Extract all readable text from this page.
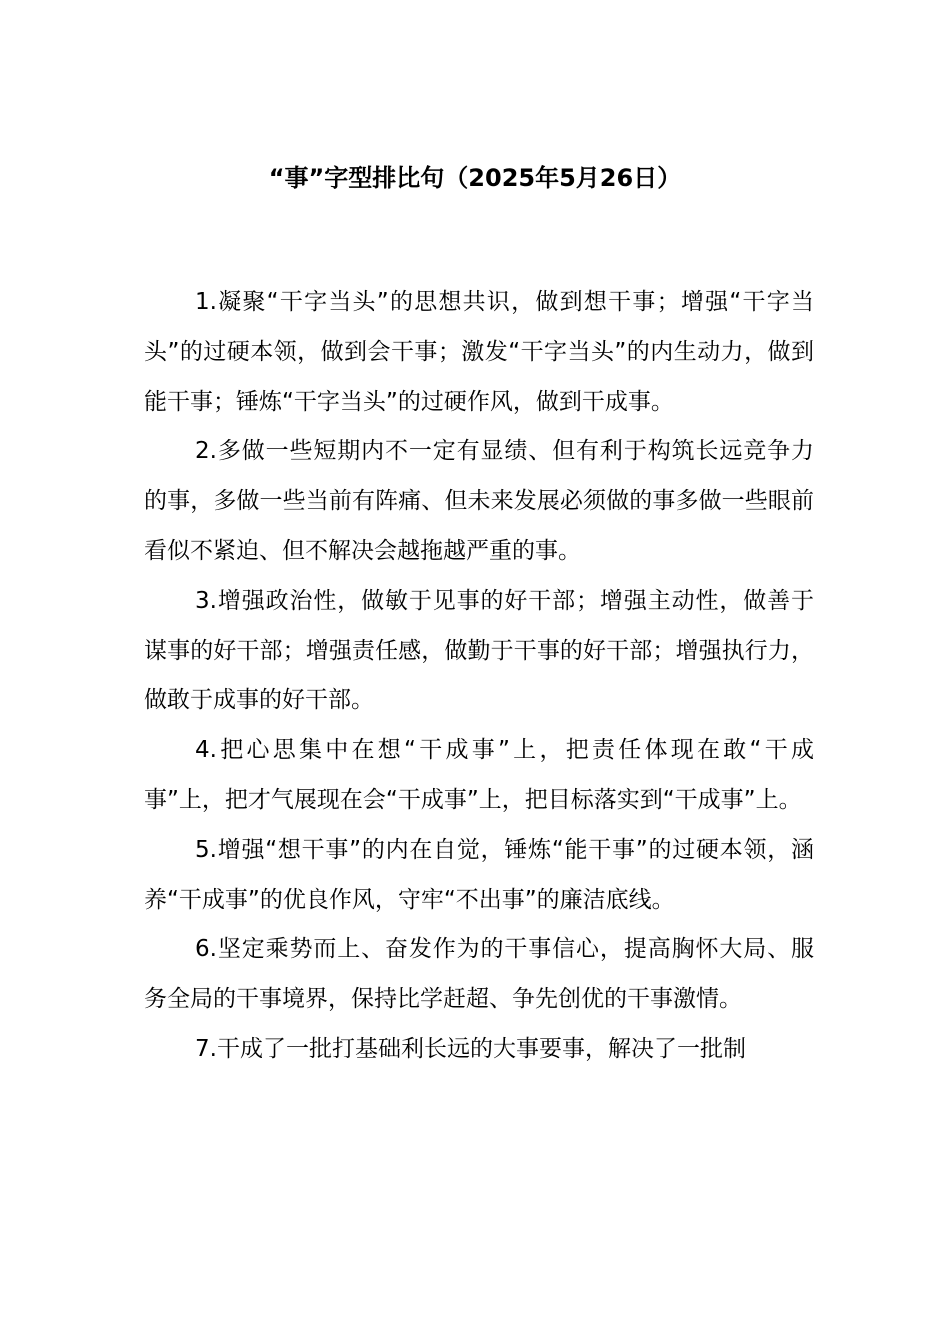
“事”字型排比句（2025年5月26日）

1.凝聚“干字当头”的思想共识，做到想干事；增强“干字当头”的过硬本领，做到会干事；激发“干字当头”的内生动力，做到能干事；锤炼“干字当头”的过硬作风，做到干成事。

2.多做一些短期内不一定有显绩、但有利于构筑长远竞争力的事，多做一些当前有阵痛、但未来发展必须做的事多做一些眼前看似不紧迫、但不解决会越拖越严重的事。

3.增强政治性，做敏于见事的好干部；增强主动性，做善于谋事的好干部；增强责任感，做勤于干事的好干部；增强执行力，做敢于成事的好干部。

4.把心思集中在想“干成事”上，把责任体现在敢“干成事”上，把才气展现在会“干成事”上，把目标落实到“干成事”上。

5.增强“想干事”的内在自觉，锤炼“能干事”的过硬本领，涵养“干成事”的优良作风，守牢“不出事”的廉洁底线。

6.坚定乘势而上、奋发作为的干事信心，提高胸怀大局、服务全局的干事境界，保持比学赶超、争先创优的干事激情。

7.干成了一批打基础利长远的大事要事，解决了一批制
